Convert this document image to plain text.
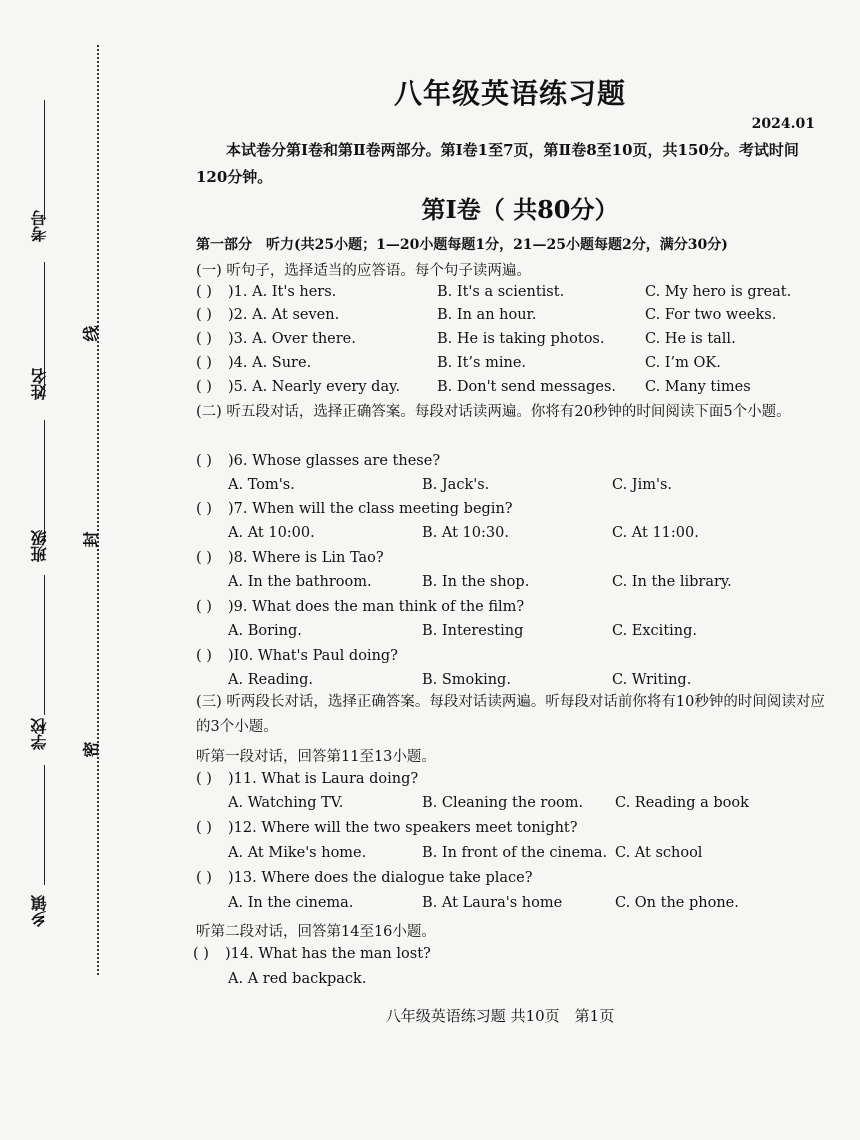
考号
姓名
班级
学校
乡镇
线
封
密
八年级英语练习题
2024.01
本试卷分第Ⅰ卷和第Ⅱ卷两部分。第Ⅰ卷1至7页，第Ⅱ卷8至10页，共150分。考试时间120分钟。
第Ⅰ卷（ 共80分）
第一部分　听力(共25小题；1—20小题每题1分，21—25小题每题2分，满分30分)
(一) 听句子，选择适当的应答语。每个句子读两遍。
( ) )1. A. It's hers.	B. It's a scientist.	C. My hero is great.
( ) )2. A. At seven.	B. In an hour.	C. For two weeks.
( ) )3. A. Over there.	B. He is taking photos.	C. He is tall.
( ) )4. A. Sure.	B. It’s mine.	C. I’m OK.
( ) )5. A. Nearly every day.	B. Don't send messages. C. Many times
(二) 听五段对话，选择正确答案。每段对话读两遍。你将有20秒钟的时间阅读下面5个小题。
( ) )6. Whose glasses are these?
A. Tom's.	B. Jack's.	C. Jim's.
( ) )7. When will the class meeting begin?
A. At 10:00.	B. At 10:30.	C. At 11:00.
( ) )8. Where is Lin Tao?
A. In the bathroom.	B. In the shop.	C. In the library.
( ) )9. What does the man think of the film?
A. Boring.	B. Interesting	C. Exciting.
( ) )I0. What's Paul doing?
A. Reading.	B. Smoking.	C. Writing.
(三) 听两段长对话，选择正确答案。每段对话读两遍。听每段对话前你将有10秒钟的时间阅读对应的3个小题。
听第一段对话，回答第11至13小题。
( ) )11. What is Laura doing?
A. Watching TV.	B. Cleaning the room. C. Reading a book
( ) )12. Where will the two speakers meet tonight?
A. At Mike's home.	B. In front of the cinema. C. At school
( ) )13. Where does the dialogue take place?
A. In the cinema.	B. At Laura's home	C. On the phone.
听第二段对话，回答第14至16小题。
( ) )14. What has the man lost?
A. A red backpack.
八年级英语练习题 共10页　第1页
